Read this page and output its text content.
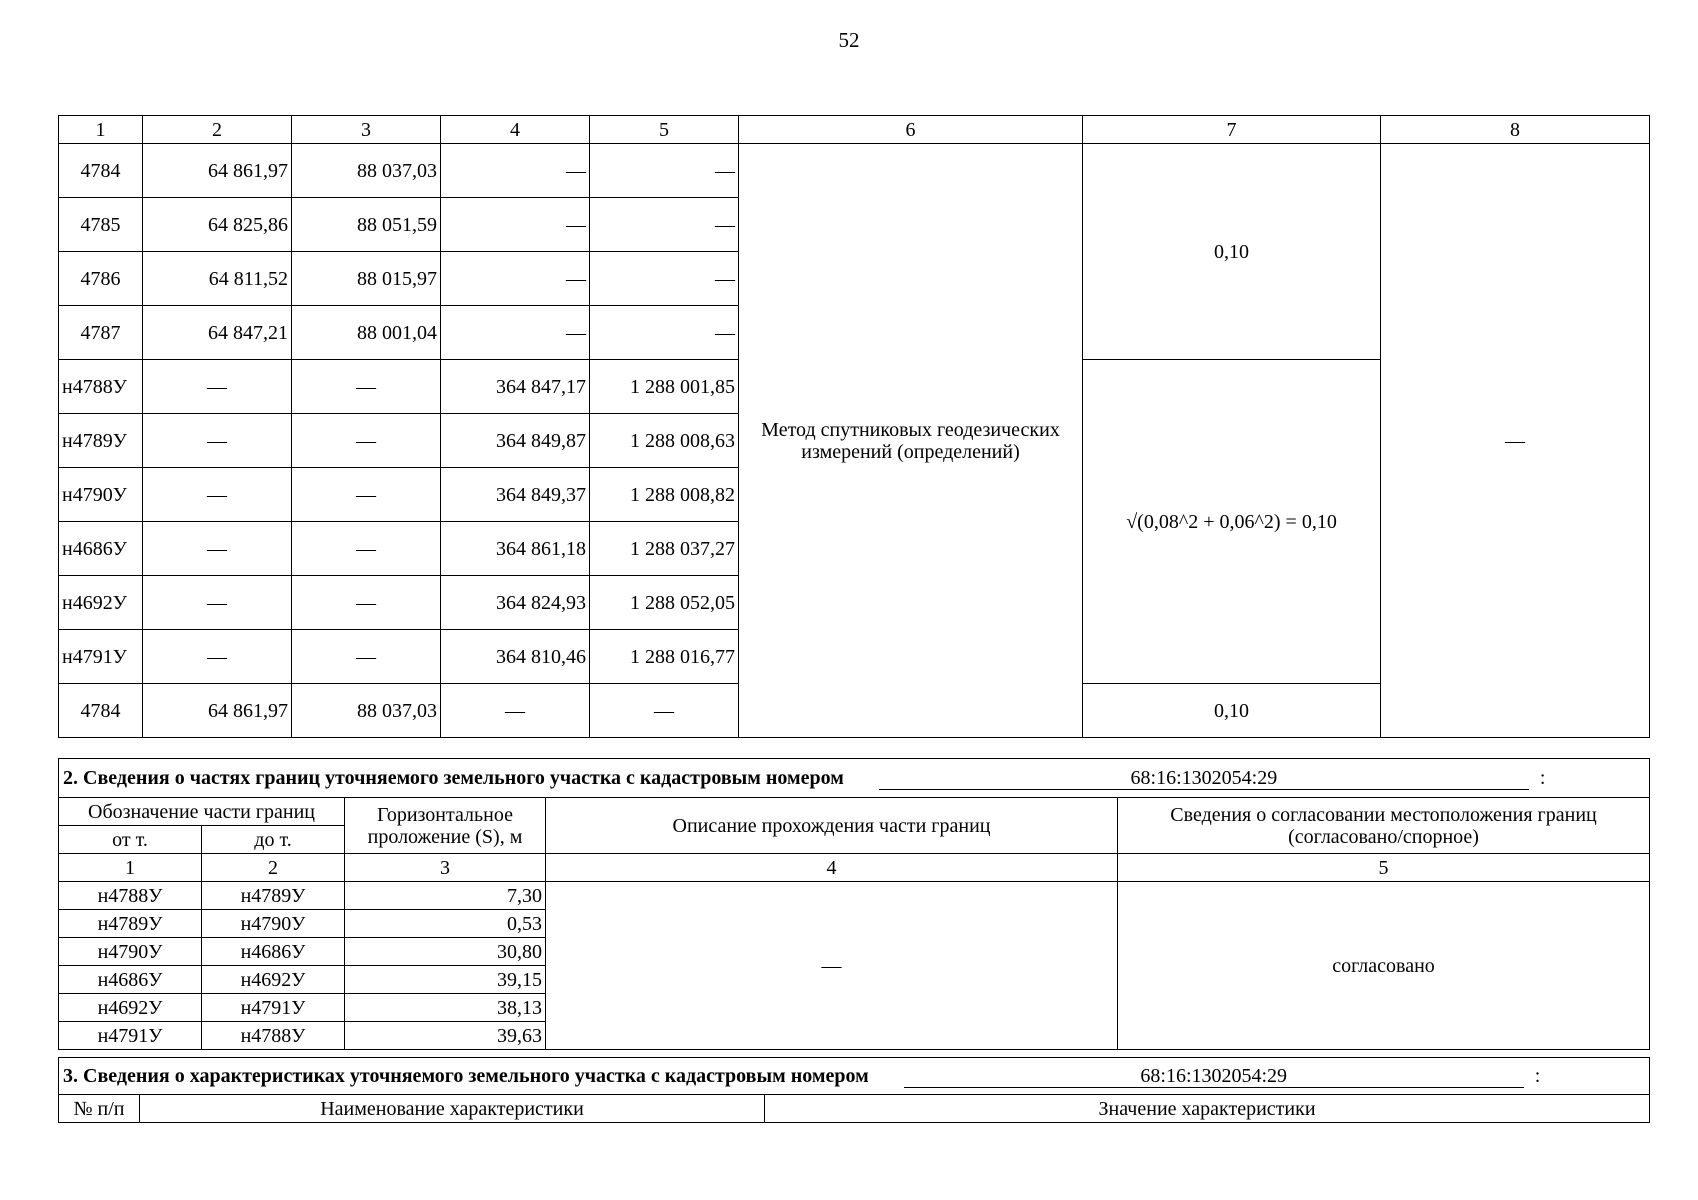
52
1	2	3	4	5	6	7	8
4784	64 861,97	88 037,03	—	—	Метод спутниковых геодезических измерений (определений)	0,10	—
4785	64 825,86	88 051,59	—	—			
4786	64 811,52	88 015,97	—	—			
4787	64 847,21	88 001,04	—	—			
н4788У	—	—	364 847,17	1 288 001,85		√(0,08^2 + 0,06^2) = 0,10	
н4789У	—	—	364 849,87	1 288 008,63			
н4790У	—	—	364 849,37	1 288 008,82			
н4686У	—	—	364 861,18	1 288 037,27			
н4692У	—	—	364 824,93	1 288 052,05			
н4791У	—	—	364 810,46	1 288 016,77			
4784	64 861,97	88 037,03	—	—		0,10	
2. Сведения о частях границ уточняемого земельного участка с кадастровым номером 68:16:1302054:29 :				
Обозначение части границ		Горизонтальное проложение (S), м	Описание прохождения части границ	Сведения о согласовании местоположения границ (согласовано/спорное)
от т.	до т.			
1	2	3	4	5
н4788У	н4789У	7,30	—	согласовано
н4789У	н4790У	0,53		
н4790У	н4686У	30,80		
н4686У	н4692У	39,15		
н4692У	н4791У	38,13		
н4791У	н4788У	39,63		
3. Сведения о характеристиках уточняемого земельного участка с кадастровым номером	68:16:1302054:29	:
№ п/п	Наименование характеристики	Значение характеристики
